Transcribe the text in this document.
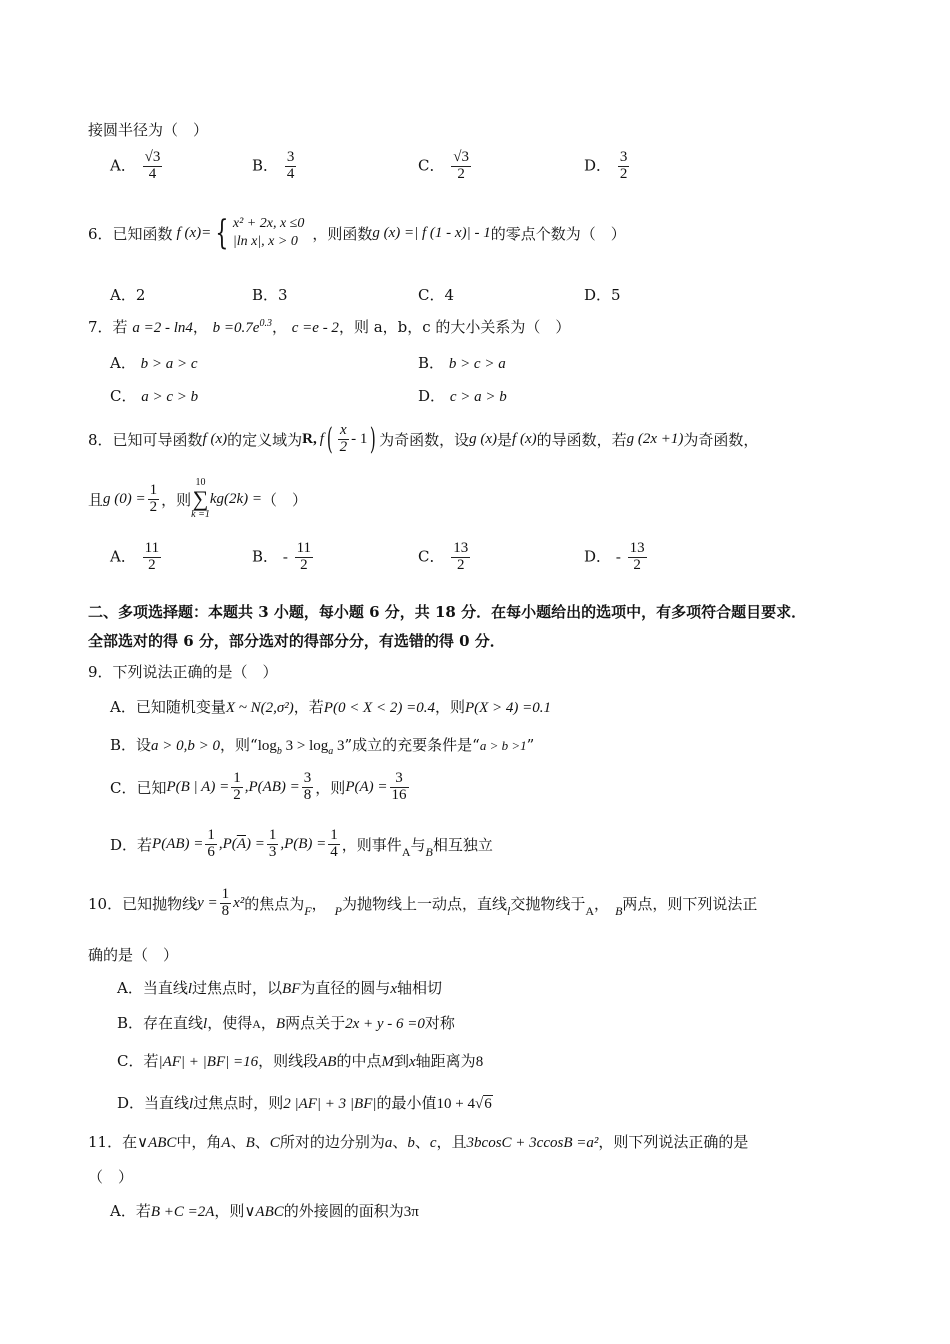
接圆半径为（　）
A． $\frac{√3}{4}$	B． $\frac{3}{4}$	C． $\frac{√3}{2}$	D． $\frac{3}{2}$
6．已知函数 f (x)= { x² + 2x, x ≤0
|ln x|, x > 0 ，则函数 g (x) =| f (1 - x)| - 1 的零点个数为（　）
A．2	B．3	C．4	D．5
7．若 a =2 - ln4， $b =0.7e^{0.3}$， c =e - 2，则 a，b，c 的大小关系为（　）
A． b > a > c	B． b > c > a
C． a > c > b	D． c > a > b
8．已知可导函数 f (x) 的定义域为 R, f ( $\frac{x}{2} - 1$ ) 为奇函数，设 g (x) 是 f (x) 的导函数，若 g (2x +1) 为奇函数，
且 g $(0) = \frac{1}{2}$ ，则
10
∑
k =1
kg(2k) = （　）
A． $\frac{11}{2}$	B． - $\frac{11}{2}$	C． $\frac{13}{2}$	D． - $\frac{13}{2}$
二、多项选择题：本题共 3 小题，每小题 6 分，共 18 分．在每小题给出的选项中，有多项符合题目要求．
全部选对的得 6 分，部分选对的得部分分，有选错的得 0 分．
9．下列说法正确的是（　）
A．已知随机变量X ~ N(2,σ²)，若P(0 < X < 2) =0.4，则P(X > 4) =0.1
B．设a > 0,b > 0，则“$\log_b$ $3 > \log_a 3$”成立的充要条件是“a > b >1”
C．已知 P(B | $A) = \frac{1}{2} ,P(AB) = \frac{3}{8}$ ，则 $P(A) = \frac{3}{16}$
D．若 $P(AB) = \frac{1}{6} ,P$( $\overline{A}$ ) = $\frac{1}{3} ,P(B) = \frac{1}{4}$ ，则事件 A 与 B 相互独立
10．已知抛物线 $y = \frac{1}{8} x^2$ 的焦点为 F ， P 为抛物线上一动点，直线 l 交抛物线于 A ， B 两点，则下列说法正
确的是（　）
A．当直线l过焦点时，以BF为直径的圆与x轴相切
B．存在直线l，使得A，B两点关于2x + y - 6 =0对称
C．若|AF| + |BF| =16，则线段AB的中点M到x轴距离为8
D．当直线l过焦点时，则2 |AF| + 3 |BF|的最小值10 + 4√6
11．在∨ABC中，角A、B、C所对的边分别为a、b、c，且3bcosC + 3ccosB =a²，则下列说法正确的是
（　）
A．若B +C =2A，则∨ABC的外接圆的面积为3π
